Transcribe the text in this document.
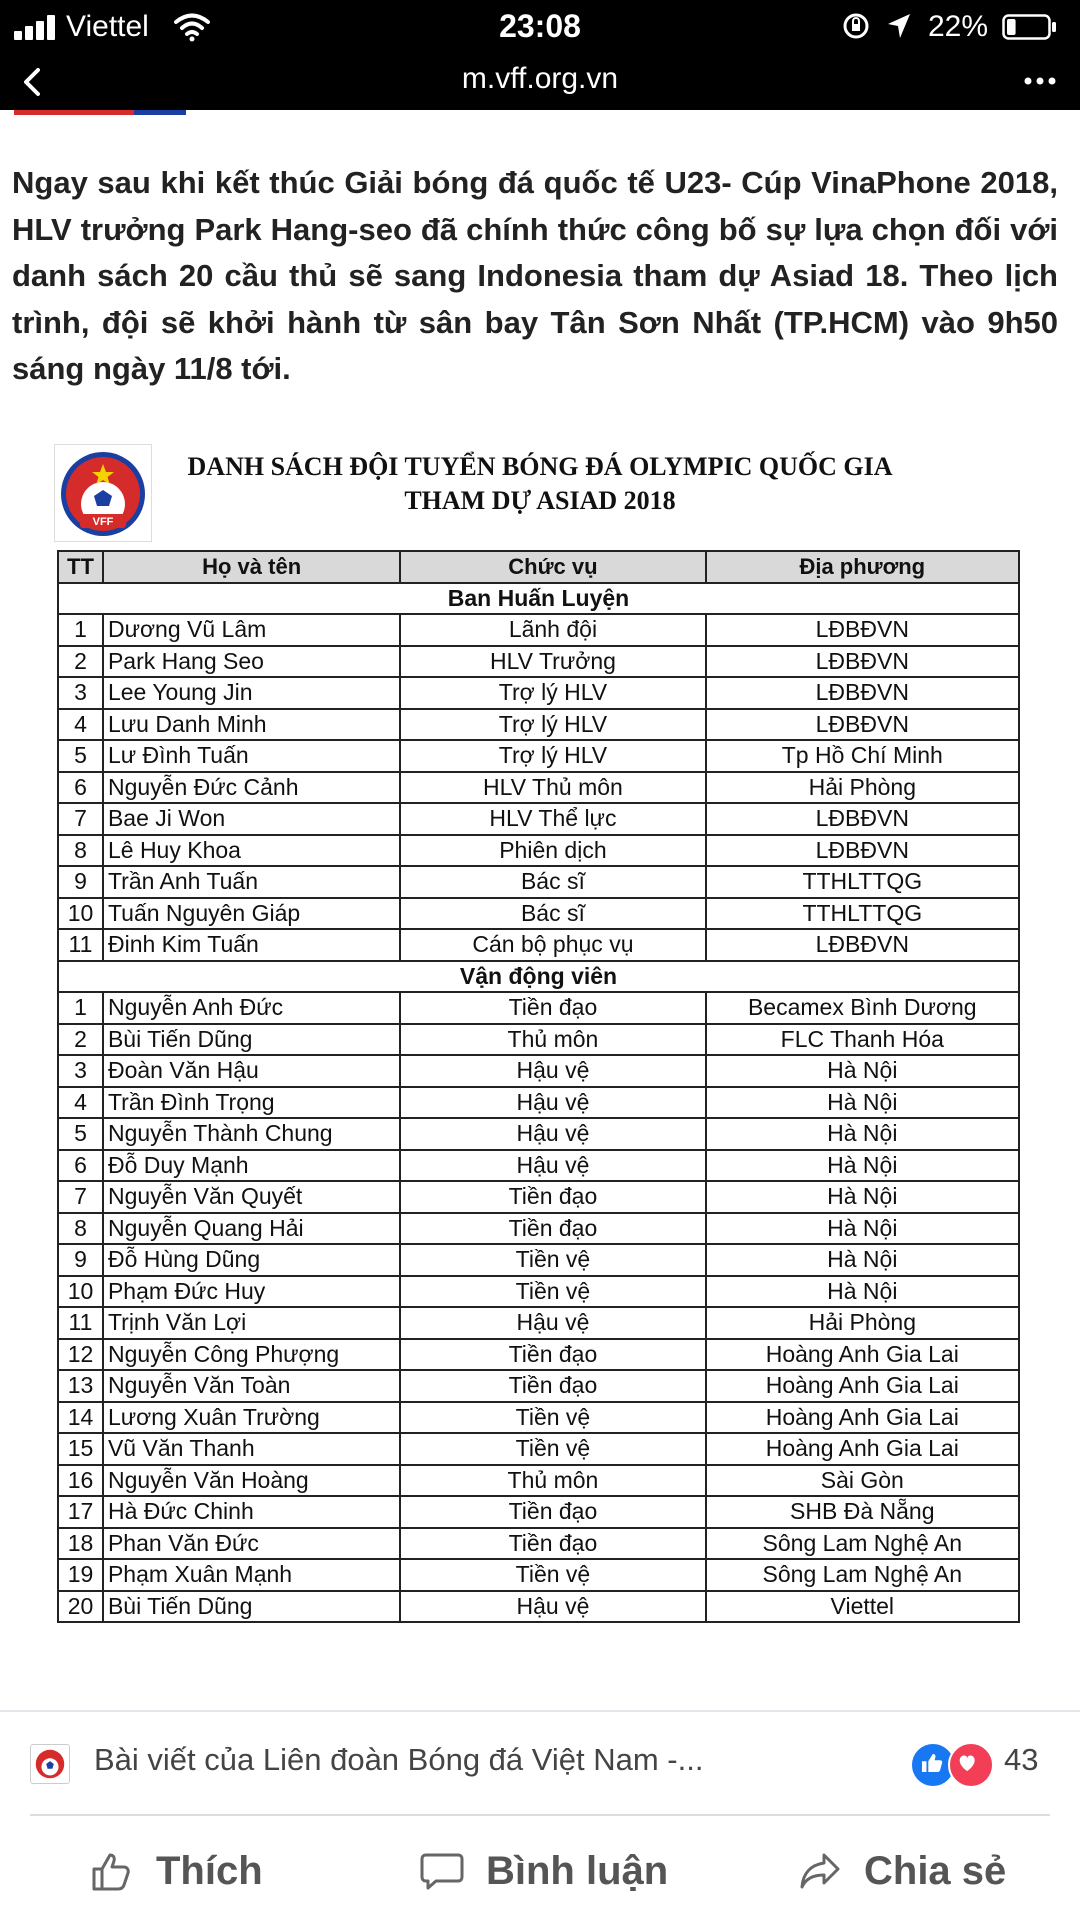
Viettel	23:08	22%
m.vff.org.vn
Ngay sau khi kết thúc Giải bóng đá quốc tế U23- Cúp VinaPhone 2018, HLV trưởng Park Hang-seo đã chính thức công bố sự lựa chọn đối với danh sách 20 cầu thủ sẽ sang Indonesia tham dự Asiad 18. Theo lịch trình, đội sẽ khởi hành từ sân bay Tân Sơn Nhất (TP.HCM) vào 9h50 sáng ngày 11/8 tới.
VFF
DANH SÁCH ĐỘI TUYỂN BÓNG ĐÁ OLYMPIC QUỐC GIA
THAM DỰ ASIAD 2018
TT	Họ và tên	Chức vụ	Địa phương
Ban Huấn Luyện			
1	Dương Vũ Lâm	Lãnh đội	LĐBĐVN
2	Park Hang Seo	HLV Trưởng	LĐBĐVN
3	Lee Young Jin	Trợ lý HLV	LĐBĐVN
4	Lưu Danh Minh	Trợ lý HLV	LĐBĐVN
5	Lư Đình Tuấn	Trợ lý HLV	Tp Hồ Chí Minh
6	Nguyễn Đức Cảnh	HLV Thủ môn	Hải Phòng
7	Bae Ji Won	HLV Thể lực	LĐBĐVN
8	Lê Huy Khoa	Phiên dịch	LĐBĐVN
9	Trần Anh Tuấn	Bác sĩ	TTHLTTQG
10	Tuấn Nguyên Giáp	Bác sĩ	TTHLTTQG
11	Đinh Kim Tuấn	Cán bộ phục vụ	LĐBĐVN
Vận động viên			
1	Nguyễn Anh Đức	Tiền đạo	Becamex Bình Dương
2	Bùi Tiến Dũng	Thủ môn	FLC Thanh Hóa
3	Đoàn Văn Hậu	Hậu vệ	Hà Nội
4	Trần Đình Trọng	Hậu vệ	Hà Nội
5	Nguyễn Thành Chung	Hậu vệ	Hà Nội
6	Đỗ Duy Mạnh	Hậu vệ	Hà Nội
7	Nguyễn Văn Quyết	Tiền đạo	Hà Nội
8	Nguyễn Quang Hải	Tiền đạo	Hà Nội
9	Đỗ Hùng Dũng	Tiền vệ	Hà Nội
10	Phạm Đức Huy	Tiền vệ	Hà Nội
11	Trịnh Văn Lợi	Hậu vệ	Hải Phòng
12	Nguyễn Công Phượng	Tiền đạo	Hoàng Anh Gia Lai
13	Nguyễn Văn Toàn	Tiền đạo	Hoàng Anh Gia Lai
14	Lương Xuân Trường	Tiền vệ	Hoàng Anh Gia Lai
15	Vũ Văn Thanh	Tiền vệ	Hoàng Anh Gia Lai
16	Nguyễn Văn Hoàng	Thủ môn	Sài Gòn
17	Hà Đức Chinh	Tiền đạo	SHB Đà Nẵng
18	Phan Văn Đức	Tiền đạo	Sông Lam Nghệ An
19	Phạm Xuân Mạnh	Tiền vệ	Sông Lam Nghệ An
20	Bùi Tiến Dũng	Hậu vệ	Viettel
Bài viết của Liên đoàn Bóng đá Việt Nam -...	43
Thích	Bình luận	Chia sẻ
